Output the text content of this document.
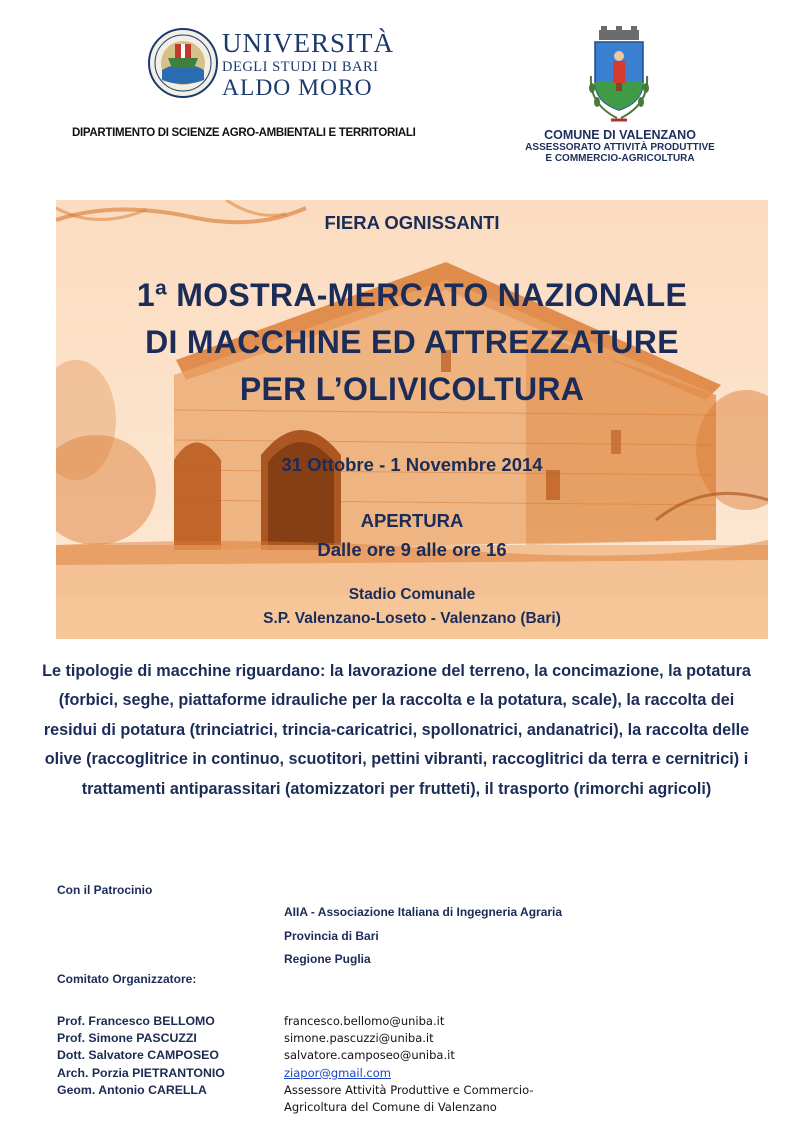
UNIVERSITÀ
DEGLI STUDI DI BARI
ALDO MORO
DIPARTIMENTO DI SCIENZE AGRO-AMBIENTALI E TERRITORIALI	COMUNE DI VALENZANO
ASSESSORATO ATTIVITÀ PRODUTTIVE
E COMMERCIO-AGRICOLTURA
FIERA OGNISSANTI
1ª MOSTRA-MERCATO NAZIONALE
DI MACCHINE ED ATTREZZATURE
PER L’OLIVICOLTURA
31 Ottobre - 1 Novembre 2014
APERTURA
Dalle ore 9 alle ore 16
Stadio Comunale
S.P. Valenzano-Loseto - Valenzano (Bari)
Le tipologie di macchine riguardano: la lavorazione del terreno, la concimazione, la potatura (forbici, seghe, piattaforme idrauliche per la raccolta e la potatura, scale), la raccolta dei residui di potatura (trinciatrici, trincia-caricatrici, spollonatrici, andanatrici), la raccolta delle olive (raccoglitrice in continuo, scuotitori, pettini vibranti, raccoglitrici da terra e cernitrici) i trattamenti antiparassitari (atomizzatori per frutteti), il trasporto (rimorchi agricoli)
Con il Patrocinio
AIIA - Associazione Italiana di Ingegneria Agraria
Provincia di Bari
Regione Puglia
Comitato Organizzatore:
Prof. Francesco BELLOMO	francesco.bellomo@uniba.it
Prof. Simone PASCUZZI	simone.pascuzzi@uniba.it
Dott. Salvatore CAMPOSEO	salvatore.camposeo@uniba.it
Arch. Porzia PIETRANTONIO	ziapor@gmail.com
Geom. Antonio CARELLA	Assessore Attività Produttive e Commercio-Agricoltura del Comune di Valenzano
